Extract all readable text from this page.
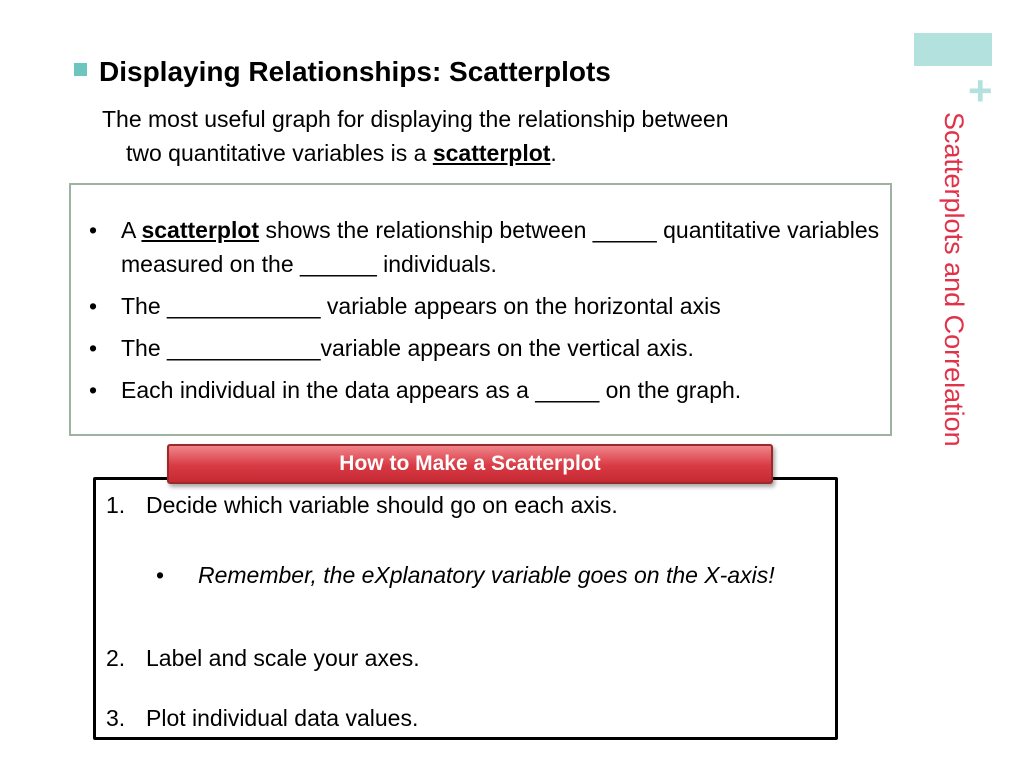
+
Scatterplots and Correlation
Displaying Relationships: Scatterplots
The most useful graph for displaying the relationship between
two quantitative variables is a scatterplot.
• A scatterplot shows the relationship between _____ quantitative variables measured on the ______ individuals.
• The ____________ variable appears on the horizontal axis
• The ____________variable appears on the vertical axis.
• Each individual in the data appears as a _____ on the graph.
1. Decide which variable should go on each axis.
•	Remember, the eXplanatory variable goes on the X-axis!
2. Label and scale your axes.
3. Plot individual data values.
How to Make a Scatterplot
